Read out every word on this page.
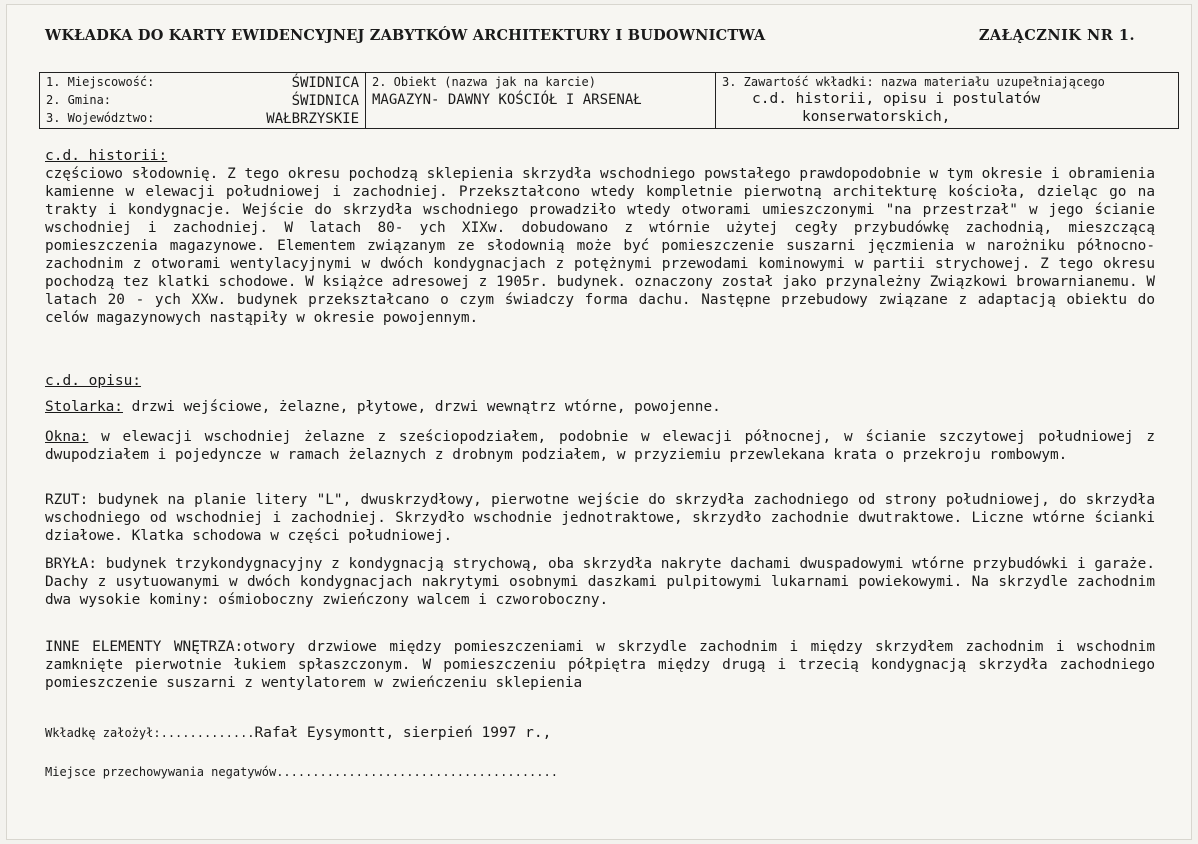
WKŁADKA DO KARTY EWIDENCYJNEJ ZABYTKÓW ARCHITEKTURY I BUDOWNICTWA	ZAŁĄCZNIK NR 1.
1. Miejscowość:	ŚWIDNICA
2. Gmina:	ŚWIDNICA
3. Województwo:	WAŁBRZYSKIE
2. Obiekt (nazwa jak na karcie)
MAGAZYN- DAWNY KOŚCIÓŁ I ARSENAŁ
3. Zawartość wkładki: nazwa materiału uzupełniającego
c.d. historii, opisu i postulatów
konserwatorskich,
c.d. historii:
częściowo słodownię. Z tego okresu pochodzą sklepienia skrzydła wschodniego powstałego prawdopodobnie w tym okresie i obramienia kamienne w elewacji południowej i zachodniej. Przekształcono wtedy kompletnie pierwotną architekturę kościoła, dzieląc go na trakty i kondygnacje. Wejście do skrzydła wschodniego prowadziło wtedy otworami umieszczonymi "na przestrzał" w jego ścianie wschodniej i zachodniej. W latach 80- ych XIXw. dobudowano z wtórnie użytej cegły przybudówkę zachodnią, mieszczącą pomieszczenia magazynowe. Elementem związanym ze słodownią może być pomieszczenie suszarni jęczmienia w narożniku północno- zachodnim z otworami wentylacyjnymi w dwóch kondygnacjach z potężnymi przewodami kominowymi w partii strychowej. Z tego okresu pochodzą tez klatki schodowe. W książce adresowej z 1905r. budynek. oznaczony został jako przynależny Związkowi browarnianemu. W latach 20 - ych XXw. budynek przekształcano o czym świadczy forma dachu. Następne przebudowy związane z adaptacją obiektu do celów magazynowych nastąpiły w okresie powojennym.
c.d. opisu:
Stolarka: drzwi wejściowe, żelazne, płytowe, drzwi wewnątrz wtórne, powojenne.
Okna: w elewacji wschodniej żelazne z sześciopodziałem, podobnie w elewacji północnej, w ścianie szczytowej południowej z dwupodziałem i pojedyncze w ramach żelaznych z drobnym podziałem, w przyziemiu przewlekana krata o przekroju rombowym.
RZUT: budynek na planie litery "L", dwuskrzydłowy, pierwotne wejście do skrzydła zachodniego od strony południowej, do skrzydła wschodniego od wschodniej i zachodniej. Skrzydło wschodnie jednotraktowe, skrzydło zachodnie dwutraktowe. Liczne wtórne ścianki działowe. Klatka schodowa w części południowej.
BRYŁA: budynek trzykondygnacyjny z kondygnacją strychową, oba skrzydła nakryte dachami dwuspadowymi wtórne przybudówki i garaże. Dachy z usytuowanymi w dwóch kondygnacjach nakrytymi osobnymi daszkami pulpitowymi lukarnami powiekowymi. Na skrzydle zachodnim dwa wysokie kominy: ośmioboczny zwieńczony walcem i czworoboczny.
INNE ELEMENTY WNĘTRZA:otwory drzwiowe między pomieszczeniami w skrzydle zachodnim i między skrzydłem zachodnim i wschodnim zamknięte pierwotnie łukiem spłaszczonym. W pomieszczeniu półpiętra między drugą i trzecią kondygnacją skrzydła zachodniego pomieszczenie suszarni z wentylatorem w zwieńczeniu sklepienia
Wkładkę założył:.............Rafał Eysymontt, sierpień 1997 r.,
Miejsce przechowywania negatywów.......................................
